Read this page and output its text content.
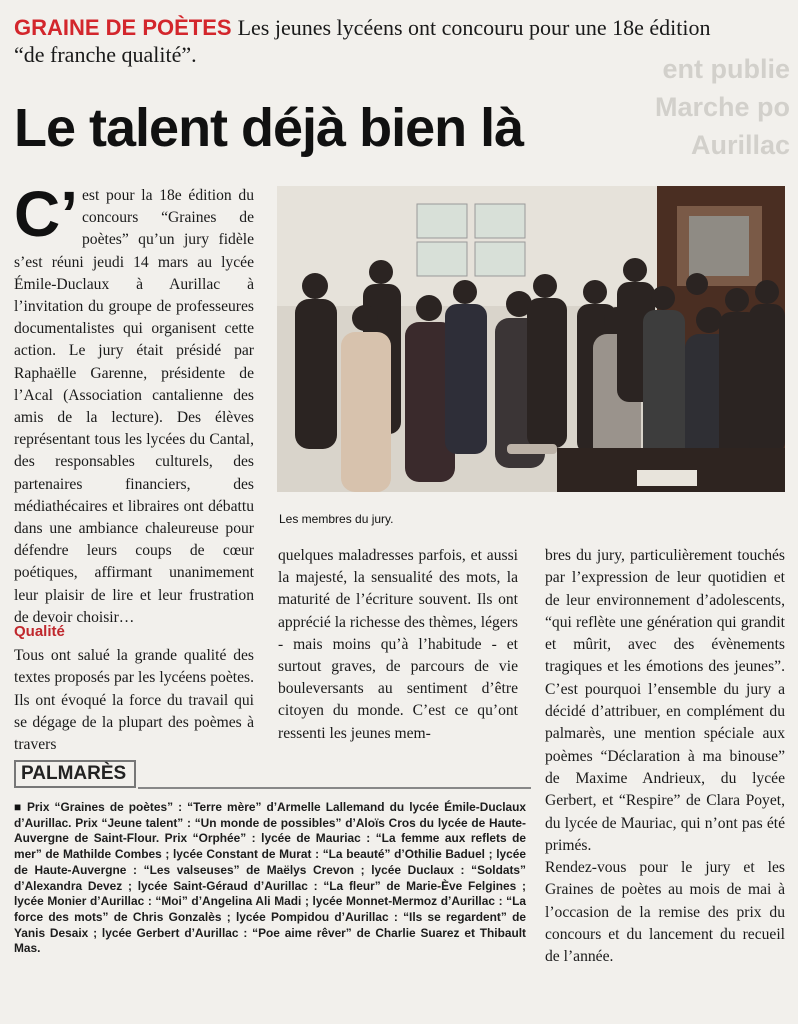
ent publie Marche po Aurillac
GRAINE DE POÈTES Les jeunes lycéens ont concouru pour une 18e édition “de franche qualité”.
Le talent déjà bien là
C’ est pour la 18e édition du concours “Graines de poètes” qu’un jury fidèle s’est réuni jeudi 14 mars au lycée Émile-Duclaux à Aurillac à l’invitation du groupe de professeures documentalistes qui organisent cette action. Le jury était présidé par Raphaëlle Garenne, présidente de l’Acal (Association cantalienne des amis de la lecture). Des élèves représentant tous les lycées du Cantal, des responsables culturels, des partenaires financiers, des médiathécaires et libraires ont débattu dans une ambiance chaleureuse pour défendre leurs coups de cœur poétiques, affirmant unanimement leur plaisir de lire et leur frustration de devoir choisir…
Les membres du jury.
Qualité
Tous ont salué la grande qualité des textes proposés par les lycéens poètes. Ils ont évoqué la force du travail qui se dégage de la plupart des poèmes à travers
quelques maladresses parfois, et aussi la majesté, la sensualité des mots, la maturité de l’écriture souvent. Ils ont apprécié la richesse des thèmes, légers - mais moins qu’à l’habitude - et surtout graves, de parcours de vie bouleversants au sentiment d’être citoyen du monde. C’est ce qu’ont ressenti les jeunes mem-

bres du jury, particulièrement touchés par l’expression de leur quotidien et de leur environnement d’adolescents, “qui reflète une génération qui grandit et mûrit, avec des évènements tragiques et les émotions des jeunes”. C’est pourquoi l’ensemble du jury a décidé d’attribuer, en complément du palmarès, une mention spéciale aux poèmes “Déclaration à ma binouse” de Maxime Andrieux, du lycée Gerbert, et “Respire” de Clara Poyet, du lycée de Mauriac, qui n’ont pas été primés.

Rendez-vous pour le jury et les Graines de poètes au mois de mai à l’occasion de la remise des prix du concours et du lancement du recueil de l’année.

PALMARÈS
■ Prix “Graines de poètes” : “Terre mère” d’Armelle Lallemand du lycée Émile-Duclaux d’Aurillac. Prix “Jeune talent” : “Un monde de possibles” d’Aloïs Cros du lycée de Haute-Auvergne de Saint-Flour. Prix “Orphée” : lycée de Mauriac : “La femme aux reflets de mer” de Mathilde Combes ; lycée Constant de Murat : “La beauté” d’Othilie Baduel ; lycée de Haute-Auvergne : “Les valseuses” de Maëlys Crevon ; lycée Duclaux : “Soldats” d’Alexandra Devez ; lycée Saint-Géraud d’Aurillac : “La fleur” de Marie-Ève Felgines ; lycée Monier d’Aurillac : “Moi” d’Angelina Ali Madi ; lycée Monnet-Mermoz d’Aurillac : “La force des mots” de Chris Gonzalès ; lycée Pompidou d’Aurillac : “Ils se regardent” de Yanis Desaix ; lycée Gerbert d’Aurillac : “Poe aime rêver” de Charlie Suarez et Thibault Mas.
